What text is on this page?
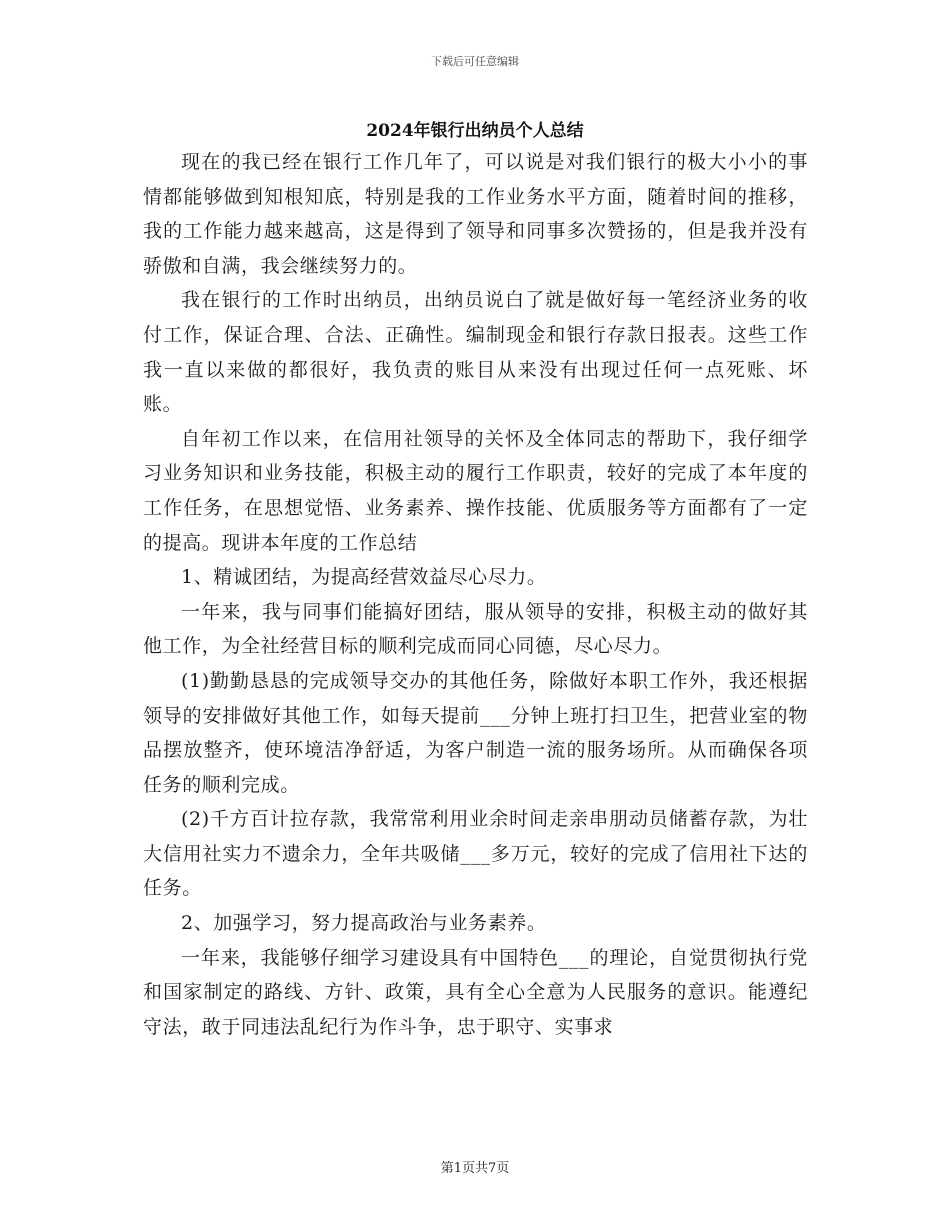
下载后可任意编辑
2024年银行出纳员个人总结

现在的我已经在银行工作几年了，可以说是对我们银行的极大小小的事情都能够做到知根知底，特别是我的工作业务水平方面，随着时间的推移，我的工作能力越来越高，这是得到了领导和同事多次赞扬的，但是我并没有骄傲和自满，我会继续努力的。

我在银行的工作时出纳员，出纳员说白了就是做好每一笔经济业务的收付工作，保证合理、合法、正确性。编制现金和银行存款日报表。这些工作我一直以来做的都很好，我负责的账目从来没有出现过任何一点死账、坏账。

自年初工作以来，在信用社领导的关怀及全体同志的帮助下，我仔细学习业务知识和业务技能，积极主动的履行工作职责，较好的完成了本年度的工作任务，在思想觉悟、业务素养、操作技能、优质服务等方面都有了一定的提高。现讲本年度的工作总结

1、精诚团结，为提高经营效益尽心尽力。

一年来，我与同事们能搞好团结，服从领导的安排，积极主动的做好其他工作，为全社经营目标的顺利完成而同心同德，尽心尽力。

(1)勤勤恳恳的完成领导交办的其他任务，除做好本职工作外，我还根据领导的安排做好其他工作，如每天提前___分钟上班打扫卫生，把营业室的物品摆放整齐，使环境洁净舒适，为客户制造一流的服务场所。从而确保各项任务的顺利完成。

(2)千方百计拉存款，我常常利用业余时间走亲串朋动员储蓄存款，为壮大信用社实力不遗余力，全年共吸储___多万元，较好的完成了信用社下达的任务。

2、加强学习，努力提高政治与业务素养。

一年来，我能够仔细学习建设具有中国特色___的理论，自觉贯彻执行党和国家制定的路线、方针、政策，具有全心全意为人民服务的意识。能遵纪守法，敢于同违法乱纪行为作斗争，忠于职守、实事求

第1页共7页
